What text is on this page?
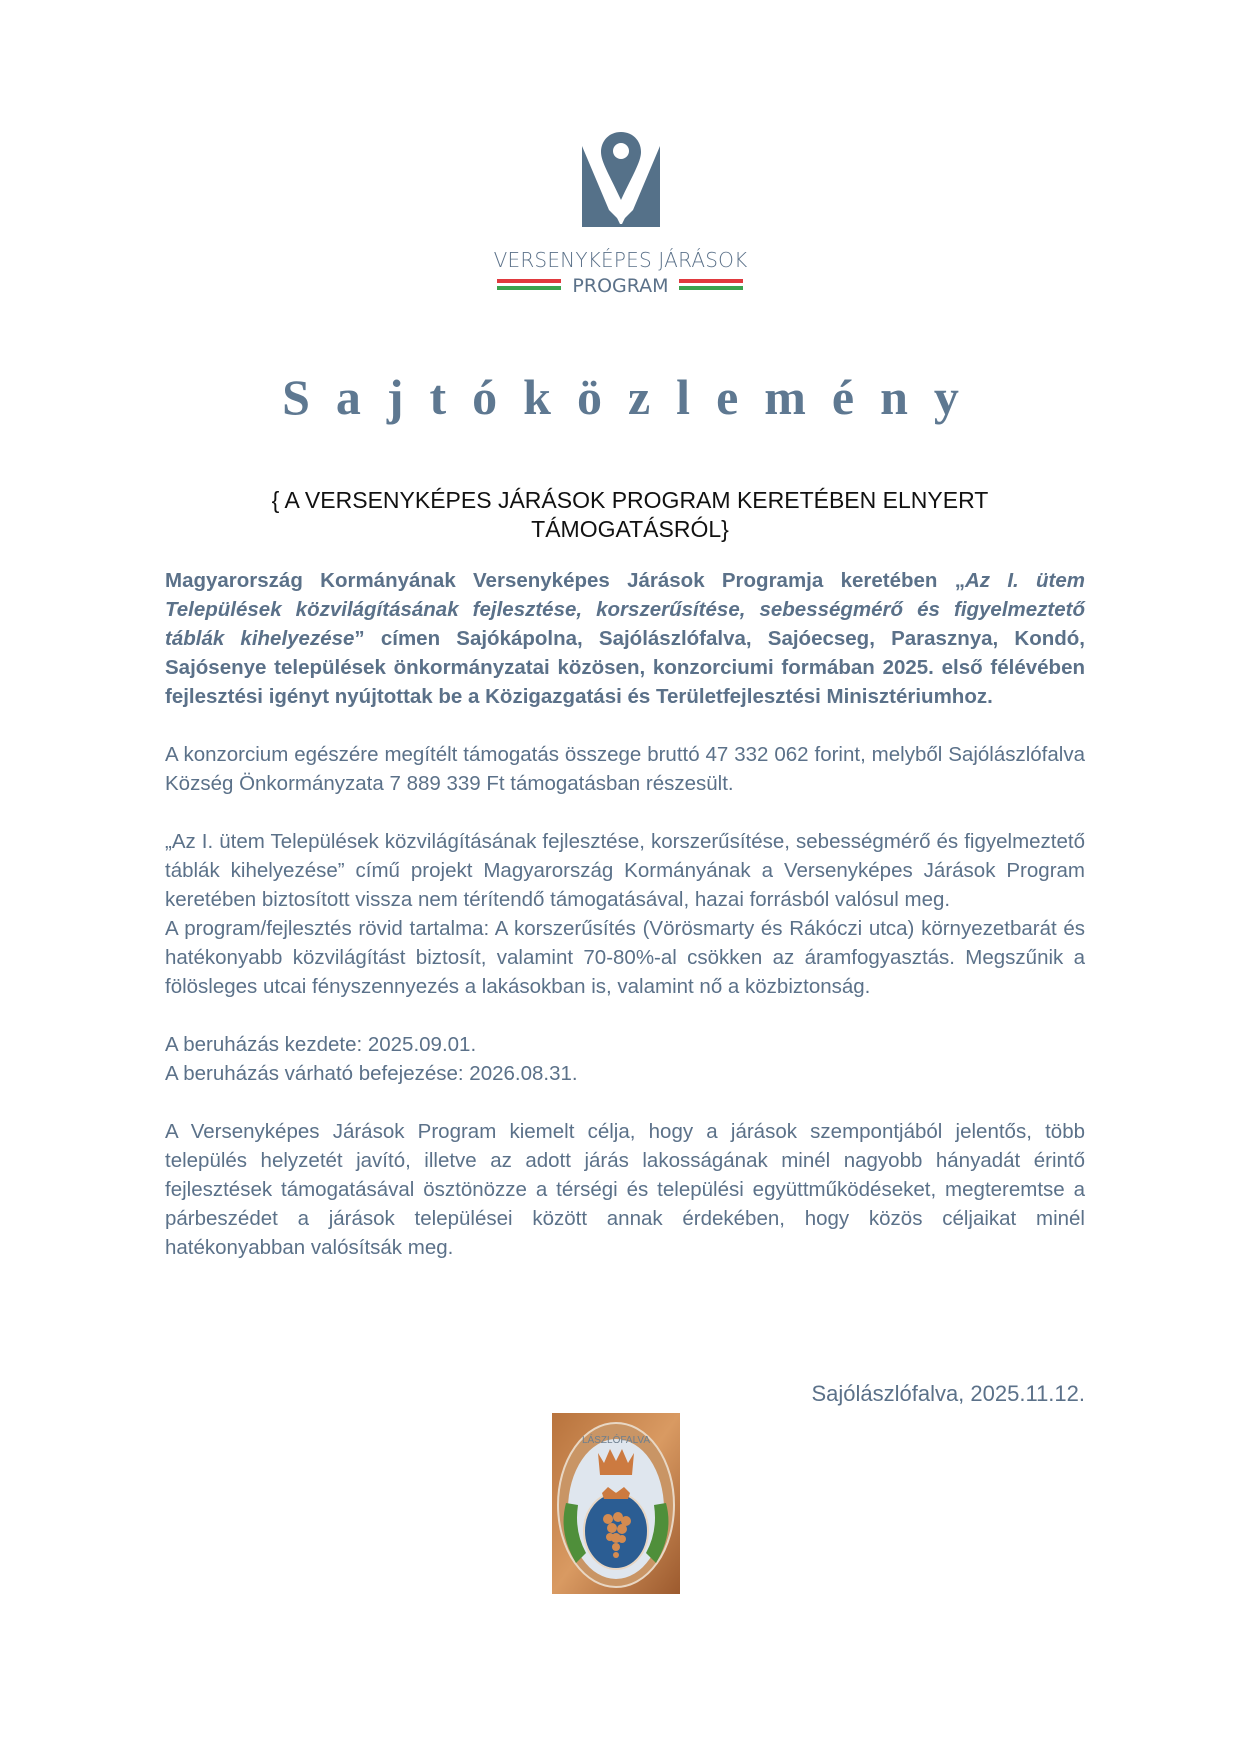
VERSENYKÉPES JÁRÁSOK
PROGRAM
Sajtóközlemény
{ A VERSENYKÉPES JÁRÁSOK PROGRAM KERETÉBEN ELNYERT
TÁMOGATÁSRÓL}

Magyarország Kormányának Versenyképes Járások Programja keretében „Az I. ütem Települések közvilágításának fejlesztése, korszerűsítése, sebességmérő és figyelmeztető táblák kihelyezése” címen Sajókápolna, Sajólászlófalva, Sajóecseg, Parasznya, Kondó, Sajósenye települések önkormányzatai közösen, konzorciumi formában 2025. első félévében fejlesztési igényt nyújtottak be a Közigazgatási és Területfejlesztési Minisztériumhoz.

A konzorcium egészére megítélt támogatás összege bruttó 47 332 062 forint, melyből Sajólászlófalva Község Önkormányzata 7 889 339 Ft támogatásban részesült.

„Az I. ütem Települések közvilágításának fejlesztése, korszerűsítése, sebességmérő és figyelmeztető táblák kihelyezése” című projekt Magyarország Kormányának a Versenyképes Járások Program keretében biztosított vissza nem térítendő támogatásával, hazai forrásból valósul meg.

A program/fejlesztés rövid tartalma: A korszerűsítés (Vörösmarty és Rákóczi utca) környezetbarát és hatékonyabb közvilágítást biztosít, valamint 70-80%-al csökken az áramfogyasztás. Megszűnik a fölösleges utcai fényszennyezés a lakásokban is, valamint nő a közbiztonság.

A beruházás kezdete: 2025.09.01.

A beruházás várható befejezése: 2026.08.31.

A Versenyképes Járások Program kiemelt célja, hogy a járások szempontjából jelentős, több település helyzetét javító, illetve az adott járás lakosságának minél nagyobb hányadát érintő fejlesztések támogatásával ösztönözze a térségi és települési együttműködéseket, megteremtse a párbeszédet a járások települései között annak érdekében, hogy közös céljaikat minél hatékonyabban valósítsák meg.

Sajólászlófalva, 2025.11.12.
LÁSZLÓFALVA
